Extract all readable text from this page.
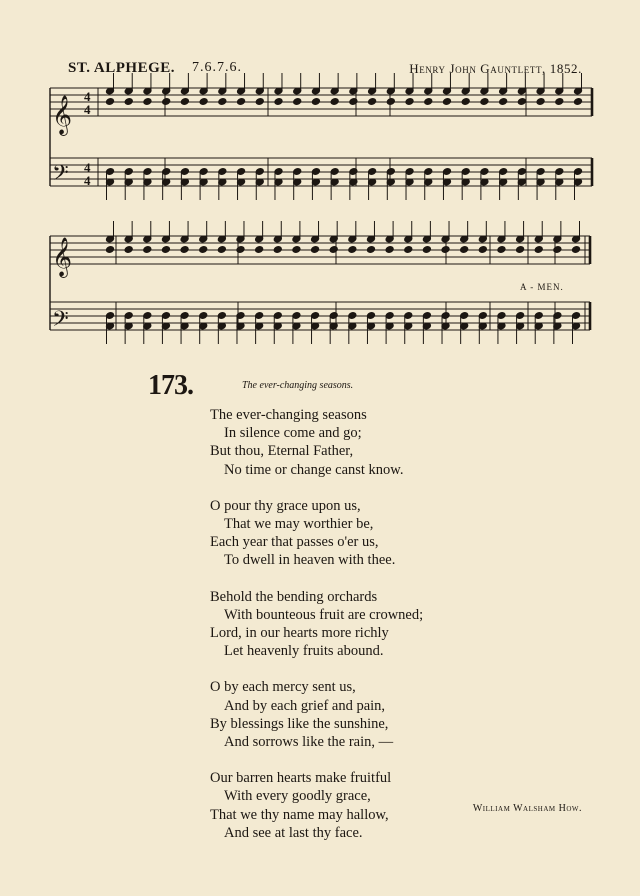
ST. ALPHEGE. 7.6.7.6.	Henry John Gauntlett, 1852.
𝄞
𝄞
𝄢
𝄢
4 4
4 4
A - MEN.
173.	The ever-changing seasons.
The ever-changing seasons
In silence come and go;
But thou, Eternal Father,
No time or change canst know.
O pour thy grace upon us,
That we may worthier be,
Each year that passes o'er us,
To dwell in heaven with thee.
Behold the bending orchards
With bounteous fruit are crowned;
Lord, in our hearts more richly
Let heavenly fruits abound.
O by each mercy sent us,
And by each grief and pain,
By blessings like the sunshine,
And sorrows like the rain, —
Our barren hearts make fruitful
With every goodly grace,
That we thy name may hallow,
And see at last thy face.
William Walsham How.
